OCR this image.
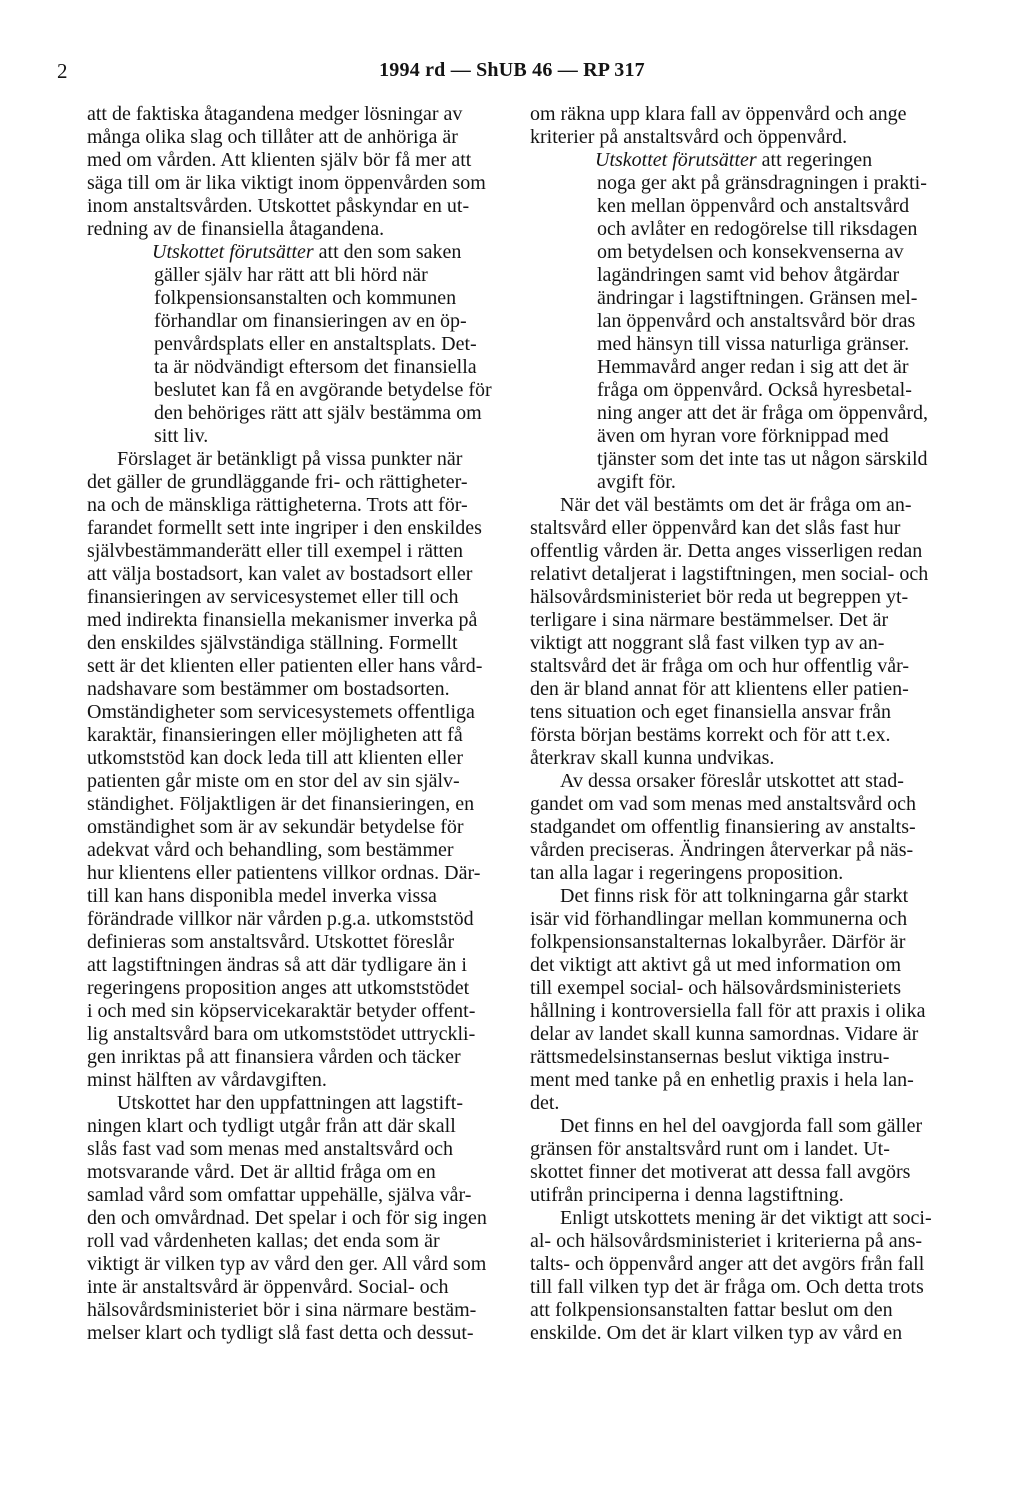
2	1994 rd — ShUB 46 — RP 317
att de faktiska åtagandena medger lösningar av
många olika slag och tillåter att de anhöriga är
med om vården. Att klienten själv bör få mer att
säga till om är lika viktigt inom öppenvården som
inom anstaltsvården. Utskottet påskyndar en ut-
redning av de finansiella åtagandena.
Utskottet förutsätter att den som saken
gäller själv har rätt att bli hörd när
folkpensionsanstalten och kommunen
förhandlar om finansieringen av en öp-
penvårdsplats eller en anstaltsplats. Det-
ta är nödvändigt eftersom det finansiella
beslutet kan få en avgörande betydelse för
den behöriges rätt att själv bestämma om
sitt liv.
Förslaget är betänkligt på vissa punkter när
det gäller de grundläggande fri- och rättigheter-
na och de mänskliga rättigheterna. Trots att för-
farandet formellt sett inte ingriper i den enskildes
självbestämmanderätt eller till exempel i rätten
att välja bostadsort, kan valet av bostadsort eller
finansieringen av servicesystemet eller till och
med indirekta finansiella mekanismer inverka på
den enskildes självständiga ställning. Formellt
sett är det klienten eller patienten eller hans vård-
nadshavare som bestämmer om bostadsorten.
Omständigheter som servicesystemets offentliga
karaktär, finansieringen eller möjligheten att få
utkomststöd kan dock leda till att klienten eller
patienten går miste om en stor del av sin själv-
ständighet. Följaktligen är det finansieringen, en
omständighet som är av sekundär betydelse för
adekvat vård och behandling, som bestämmer
hur klientens eller patientens villkor ordnas. Där-
till kan hans disponibla medel inverka vissa
förändrade villkor när vården p.g.a. utkomststöd
definieras som anstaltsvård. Utskottet föreslår
att lagstiftningen ändras så att där tydligare än i
regeringens proposition anges att utkomststödet
i och med sin köpservicekaraktär betyder offent-
lig anstaltsvård bara om utkomststödet uttryckli-
gen inriktas på att finansiera vården och täcker
minst hälften av vårdavgiften.
Utskottet har den uppfattningen att lagstift-
ningen klart och tydligt utgår från att där skall
slås fast vad som menas med anstaltsvård och
motsvarande vård. Det är alltid fråga om en
samlad vård som omfattar uppehälle, själva vår-
den och omvårdnad. Det spelar i och för sig ingen
roll vad vårdenheten kallas; det enda som är
viktigt är vilken typ av vård den ger. All vård som
inte är anstaltsvård är öppenvård. Social- och
hälsovårdsministeriet bör i sina närmare bestäm-
melser klart och tydligt slå fast detta och dessut-
om räkna upp klara fall av öppenvård och ange
kriterier på anstaltsvård och öppenvård.
Utskottet förutsätter att regeringen
noga ger akt på gränsdragningen i prakti-
ken mellan öppenvård och anstaltsvård
och avlåter en redogörelse till riksdagen
om betydelsen och konsekvenserna av
lagändringen samt vid behov åtgärdar
ändringar i lagstiftningen. Gränsen mel-
lan öppenvård och anstaltsvård bör dras
med hänsyn till vissa naturliga gränser.
Hemmavård anger redan i sig att det är
fråga om öppenvård. Också hyresbetal-
ning anger att det är fråga om öppenvård,
även om hyran vore förknippad med
tjänster som det inte tas ut någon särskild
avgift för.
När det väl bestämts om det är fråga om an-
staltsvård eller öppenvård kan det slås fast hur
offentlig vården är. Detta anges visserligen redan
relativt detaljerat i lagstiftningen, men social- och
hälsovårdsministeriet bör reda ut begreppen yt-
terligare i sina närmare bestämmelser. Det är
viktigt att noggrant slå fast vilken typ av an-
staltsvård det är fråga om och hur offentlig vår-
den är bland annat för att klientens eller patien-
tens situation och eget finansiella ansvar från
första början bestäms korrekt och för att t.ex.
återkrav skall kunna undvikas.
Av dessa orsaker föreslår utskottet att stad-
gandet om vad som menas med anstaltsvård och
stadgandet om offentlig finansiering av anstalts-
vården preciseras. Ändringen återverkar på näs-
tan alla lagar i regeringens proposition.
Det finns risk för att tolkningarna går starkt
isär vid förhandlingar mellan kommunerna och
folkpensionsanstalternas lokalbyråer. Därför är
det viktigt att aktivt gå ut med information om
till exempel social- och hälsovårdsministeriets
hållning i kontroversiella fall för att praxis i olika
delar av landet skall kunna samordnas. Vidare är
rättsmedelsinstansernas beslut viktiga instru-
ment med tanke på en enhetlig praxis i hela lan-
det.
Det finns en hel del oavgjorda fall som gäller
gränsen för anstaltsvård runt om i landet. Ut-
skottet finner det motiverat att dessa fall avgörs
utifrån principerna i denna lagstiftning.
Enligt utskottets mening är det viktigt att soci-
al- och hälsovårdsministeriet i kriterierna på ans-
talts- och öppenvård anger att det avgörs från fall
till fall vilken typ det är fråga om. Och detta trots
att folkpensionsanstalten fattar beslut om den
enskilde. Om det är klart vilken typ av vård en
